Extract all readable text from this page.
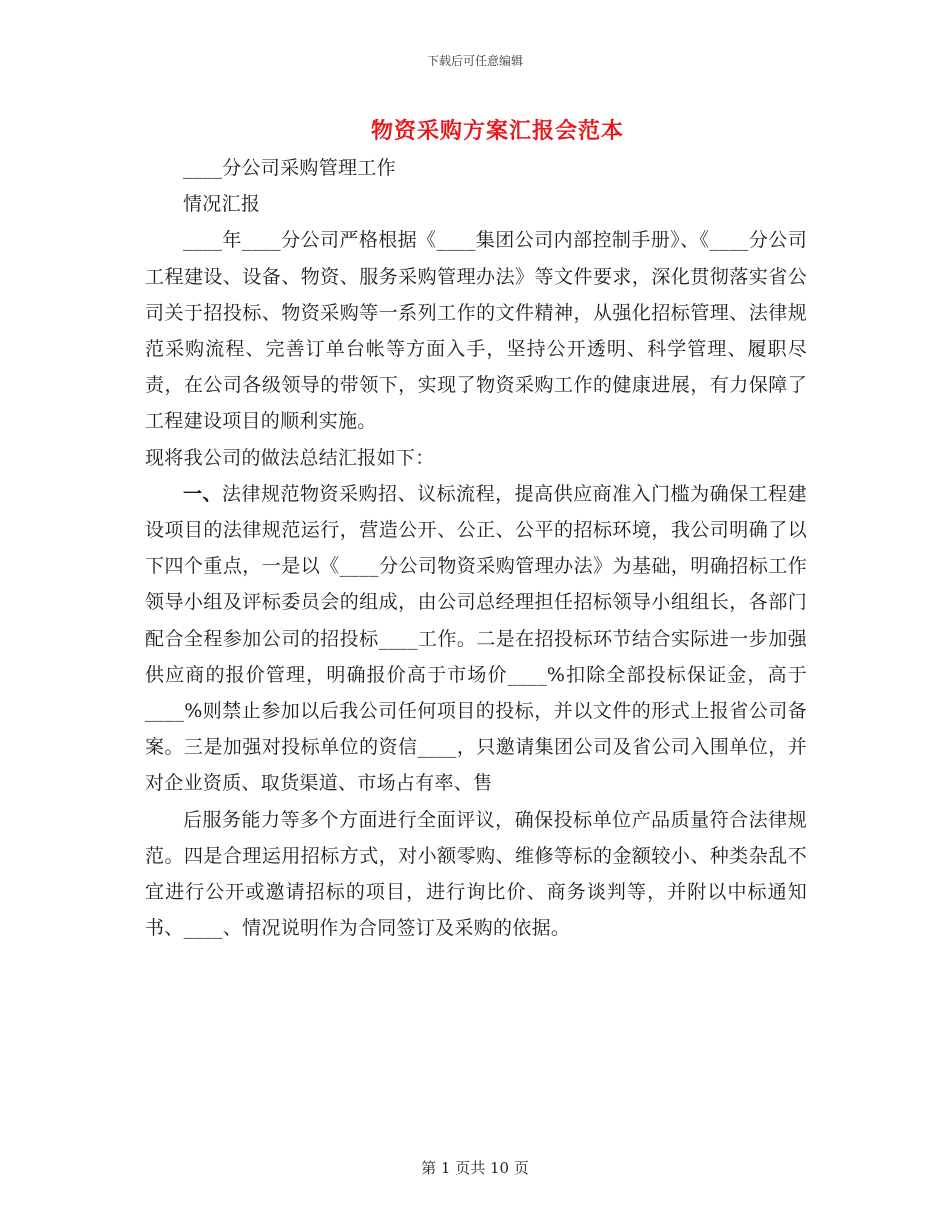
下载后可任意编辑
物资采购方案汇报会范本

____分公司采购管理工作

情况汇报

____年____分公司严格根据《____集团公司内部控制手册》、《____分公司工程建设、设备、物资、服务采购管理办法》等文件要求，深化贯彻落实省公司关于招投标、物资采购等一系列工作的文件精神，从强化招标管理、法律规范采购流程、完善订单台帐等方面入手，坚持公开透明、科学管理、履职尽责，在公司各级领导的带领下，实现了物资采购工作的健康进展，有力保障了工程建设项目的顺利实施。

现将我公司的做法总结汇报如下：

一、法律规范物资采购招、议标流程，提高供应商准入门槛为确保工程建设项目的法律规范运行，营造公开、公正、公平的招标环境，我公司明确了以下四个重点，一是以《____分公司物资采购管理办法》为基础，明确招标工作领导小组及评标委员会的组成，由公司总经理担任招标领导小组组长，各部门配合全程参加公司的招投标____工作。二是在招投标环节结合实际进一步加强供应商的报价管理，明确报价高于市场价____%扣除全部投标保证金，高于____%则禁止参加以后我公司任何项目的投标，并以文件的形式上报省公司备案。三是加强对投标单位的资信____，只邀请集团公司及省公司入围单位，并对企业资质、取货渠道、市场占有率、售

后服务能力等多个方面进行全面评议，确保投标单位产品质量符合法律规范。四是合理运用招标方式，对小额零购、维修等标的金额较小、种类杂乱不宜进行公开或邀请招标的项目，进行询比价、商务谈判等，并附以中标通知书、____、情况说明作为合同签订及采购的依据。

第 1 页共 10 页
